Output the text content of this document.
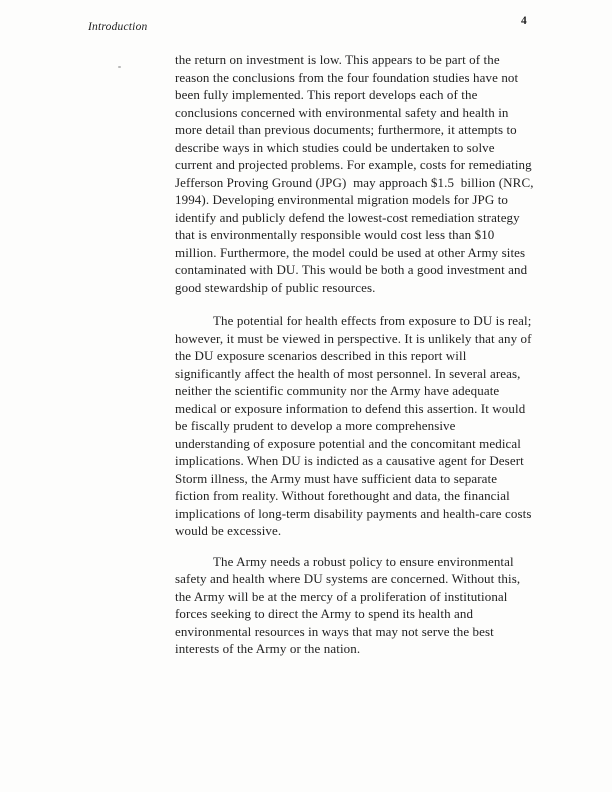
Introduction	4
the return on investment is low. This appears to be part of the
reason the conclusions from the four foundation studies have not
been fully implemented. This report develops each of the
conclusions concerned with environmental safety and health in
more detail than previous documents; furthermore, it attempts to
describe ways in which studies could be undertaken to solve
current and projected problems. For example, costs for remediating
Jefferson Proving Ground (JPG)  may approach $1.5  billion (NRC,
1994). Developing environmental migration models for JPG to
identify and publicly defend the lowest-cost remediation strategy
that is environmentally responsible would cost less than $10
million. Furthermore, the model could be used at other Army sites
contaminated with DU. This would be both a good investment and
good stewardship of public resources.
The potential for health effects from exposure to DU is real;
however, it must be viewed in perspective. It is unlikely that any of
the DU exposure scenarios described in this report will
significantly affect the health of most personnel. In several areas,
neither the scientific community nor the Army have adequate
medical or exposure information to defend this assertion. It would
be fiscally prudent to develop a more comprehensive
understanding of exposure potential and the concomitant medical
implications. When DU is indicted as a causative agent for Desert
Storm illness, the Army must have sufficient data to separate
fiction from reality. Without forethought and data, the financial
implications of long-term disability payments and health-care costs
would be excessive.
The Army needs a robust policy to ensure environmental
safety and health where DU systems are concerned. Without this,
the Army will be at the mercy of a proliferation of institutional
forces seeking to direct the Army to spend its health and
environmental resources in ways that may not serve the best
interests of the Army or the nation.
